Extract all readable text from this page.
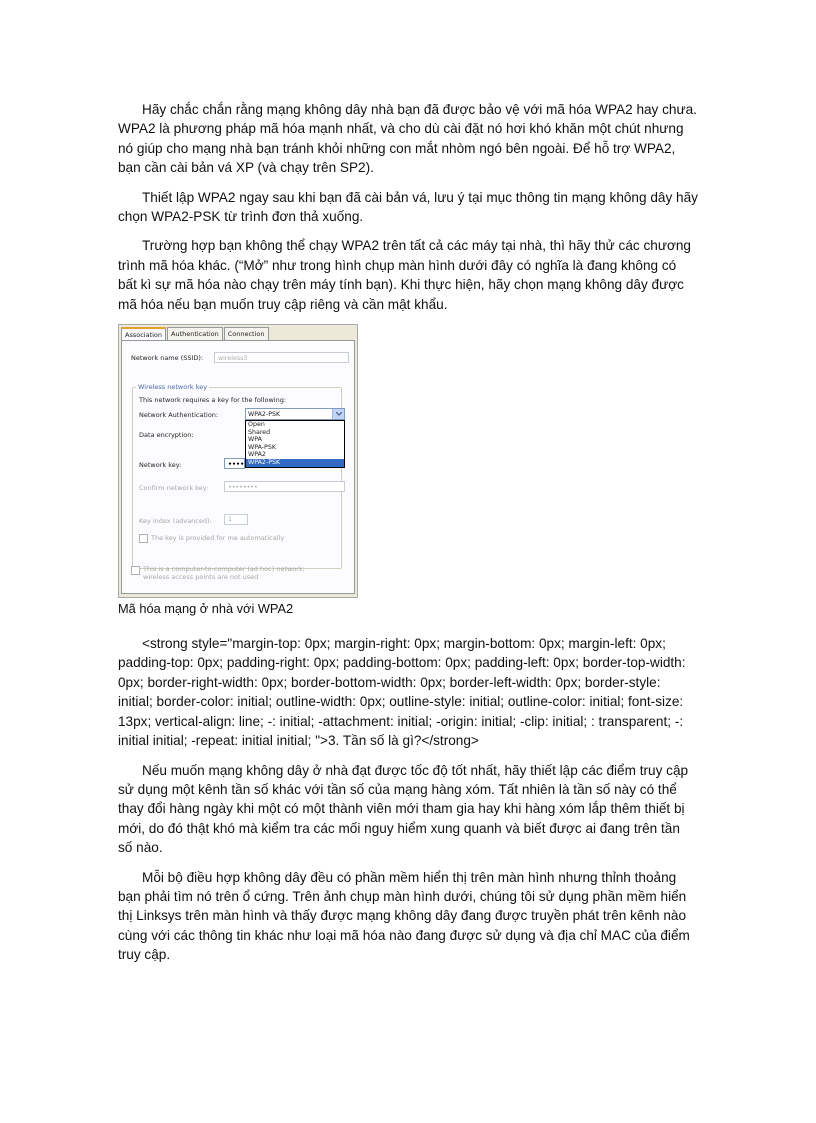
Hãy chắc chắn rằng mạng không dây nhà bạn đã được bảo vệ với mã hóa WPA2 hay chưa. WPA2 là phương pháp mã hóa mạnh nhất, và cho dù cài đặt nó hơi khó khăn một chút nhưng nó giúp cho mạng nhà bạn tránh khỏi những con mắt nhòm ngó bên ngoài. Để hỗ trợ WPA2, bạn cần cài bản vá XP (và chạy trên SP2).

Thiết lập WPA2 ngay sau khi bạn đã cài bản vá, lưu ý tại mục thông tin mạng không dây hãy chọn WPA2-PSK từ trình đơn thả xuống.

Trường hợp bạn không thể chạy WPA2 trên tất cả các máy tại nhà, thì hãy thử các chương trình mã hóa khác. (“Mở” như trong hình chụp màn hình dưới đây có nghĩa là đang không có bất kì sự mã hóa nào chạy trên máy tính bạn). Khi thực hiện, hãy chọn mạng không dây được mã hóa nếu bạn muốn truy cập riêng và cần mật khẩu.

Association	Authentication	Connection
Network name (SSID):	wireless3
Wireless network key
This network requires a key for the following:
Network Authentication:	WPA2-PSK
Data encryption:
Open
Shared
WPA
WPA-PSK
WPA2
WPA2-PSK
Network key:	••••
Confirm network key:	••••••••
Key index (advanced):	1
The key is provided for me automatically
This is a computer-to-computer (ad hoc) network; wireless access points are not used

Mã hóa mạng ở nhà với WPA2

<strong style="margin-top: 0px; margin-right: 0px; margin-bottom: 0px; margin-left: 0px; padding-top: 0px; padding-right: 0px; padding-bottom: 0px; padding-left: 0px; border-top-width: 0px; border-right-width: 0px; border-bottom-width: 0px; border-left-width: 0px; border-style: initial; border-color: initial; outline-width: 0px; outline-style: initial; outline-color: initial; font-size: 13px; vertical-align: line; -: initial; -attachment: initial; -origin: initial; -clip: initial; : transparent; -: initial initial; -repeat: initial initial; ">3. Tần số là gì?</strong>

Nếu muốn mạng không dây ở nhà đạt được tốc độ tốt nhất, hãy thiết lập các điểm truy cập sử dụng một kênh tần số khác với tần số của mạng hàng xóm. Tất nhiên là tần số này có thể thay đổi hàng ngày khi một có một thành viên mới tham gia hay khi hàng xóm lắp thêm thiết bị mới, do đó thật khó mà kiểm tra các mối nguy hiểm xung quanh và biết được ai đang trên tần số nào.

Mỗi bộ điều hợp không dây đều có phần mềm hiển thị trên màn hình nhưng thỉnh thoảng bạn phải tìm nó trên ổ cứng. Trên ảnh chụp màn hình dưới, chúng tôi sử dụng phần mềm hiển thị Linksys trên màn hình và thấy được mạng không dây đang được truyền phát trên kênh nào cùng với các thông tin khác như loại mã hóa nào đang được sử dụng và địa chỉ MAC của điểm truy cập.
